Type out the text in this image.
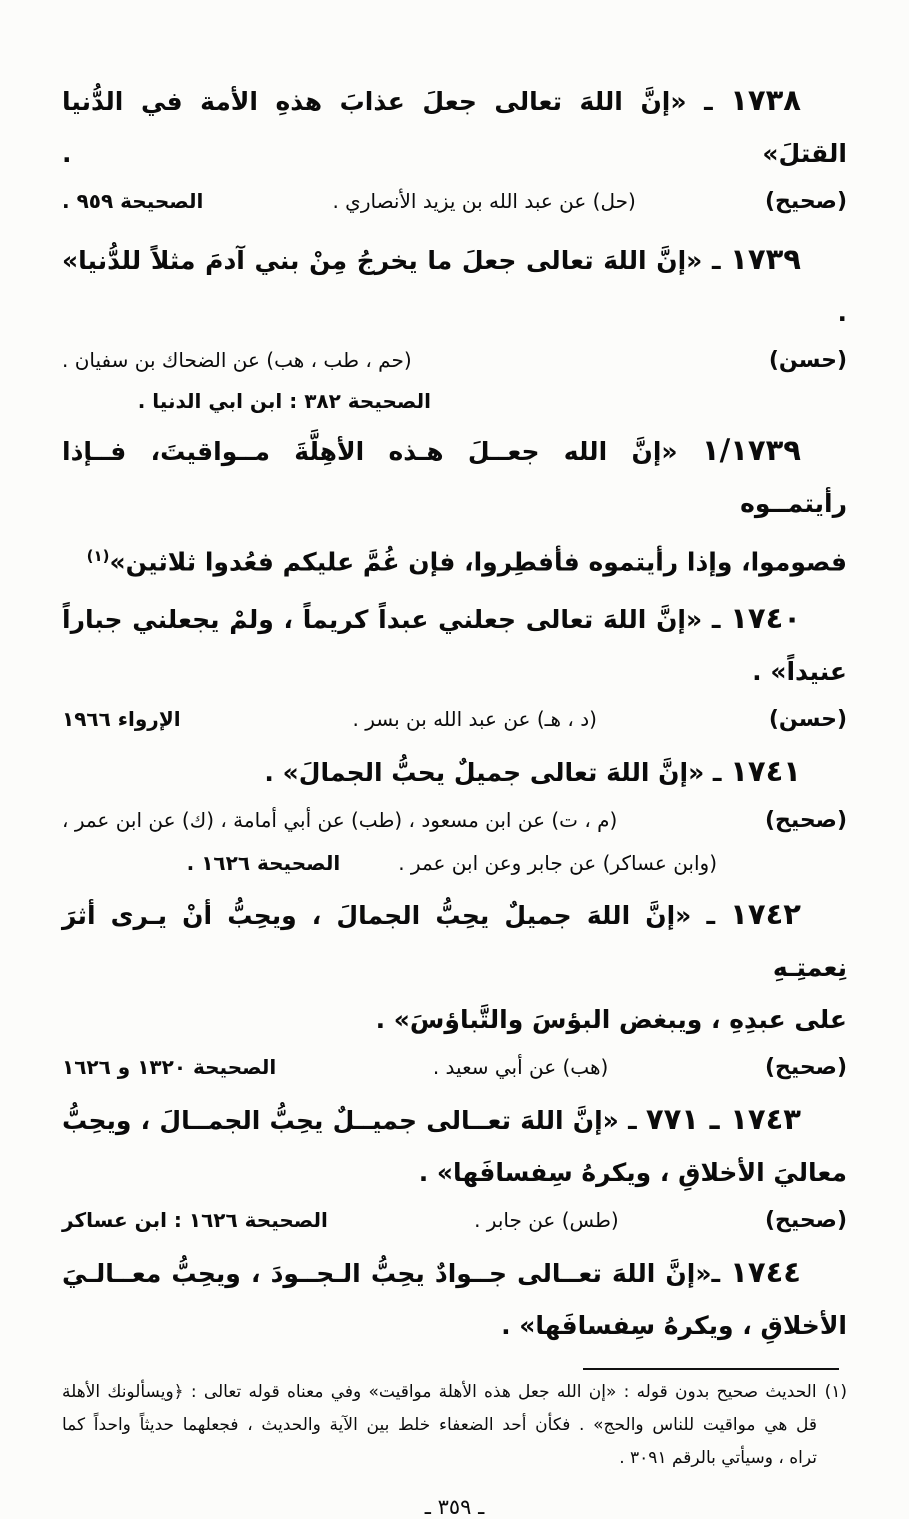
١٧٣٨ ـ «إنَّ اللهَ تعالى جعلَ عذابَ هذهِ الأمة في الدُّنيا القتلَ» .
(صحيح)
(حل) عن عبد الله بن يزيد الأنصاري .
الصحيحة ٩٥٩ .
١٧٣٩ ـ «إنَّ اللهَ تعالى جعلَ ما يخرجُ مِنْ بني آدمَ مثلاً للدُّنيا» .
(حسن)
(حم ، طب ، هب) عن الضحاك بن سفيان .
الصحيحة ٣٨٢ : ابن ابي الدنيا .
١/١٧٣٩ «إنَّ الله جعــلَ هـذه الأهِلَّةَ مــواقيتَ، فــإذا رأيتمــوه
فصوموا، وإذا رأيتموه فأفطِروا، فإن غُمَّ عليكم فعُدوا ثلاثين»$^{(١)}$
١٧٤٠ ـ «إنَّ اللهَ تعالى جعلني عبداً كريماً ، ولمْ يجعلني جباراً
عنيداً» .
(حسن)
(د ، هـ) عن عبد الله بن بسر .
الإرواء ١٩٦٦
١٧٤١ ـ «إنَّ اللهَ تعالى جميلٌ يحبُّ الجمالَ» .
(صحيح)
(م ، ت) عن ابن مسعود ، (طب) عن أبي أمامة ، (ك) عن ابن عمر ،
(وابن عساكر) عن جابر وعن ابن عمر .
الصحيحة ١٦٢٦ .
١٧٤٢ ـ «إنَّ اللهَ جميلٌ يحِبُّ الجمالَ ، ويحِبُّ أنْ يـرى أثرَ نِعمتِـهِ
على عبدِهِ ، ويبغض البؤسَ والتَّباؤسَ» .
(صحيح)
(هب) عن أبي سعيد .
الصحيحة ١٣٢٠ و ١٦٢٦
١٧٤٣ ـ ٧٧١ ـ «إنَّ اللهَ تعــالى جميــلٌ يحِبُّ الجمــالَ ، ويحِبُّ
معاليَ الأخلاقِ ، ويكرهُ سِفسافَها» .
(صحيح)
(طس) عن جابر .
الصحيحة ١٦٢٦ : ابن عساكر
١٧٤٤ ـ«إنَّ اللهَ تعــالى جــوادٌ يحِبُّ الـجــودَ ، ويحِبُّ معــالـيَ
الأخلاقِ ، ويكرهُ سِفسافَها» .
(١)الحديث صحيح بدون قوله : «إن الله جعل هذه الأهلة مواقيت» وفي معناه قوله تعالى : ﴿ويسألونك الأهلة
قل هي مواقيت للناس والحج» . فكأن أحد الضعفاء خلط بين الآية والحديث ، فجعلهما حديثاً واحداً كما
تراه ، وسيأتي بالرقم ٣٠٩١ .
ـ ٣٥٩ ـ
